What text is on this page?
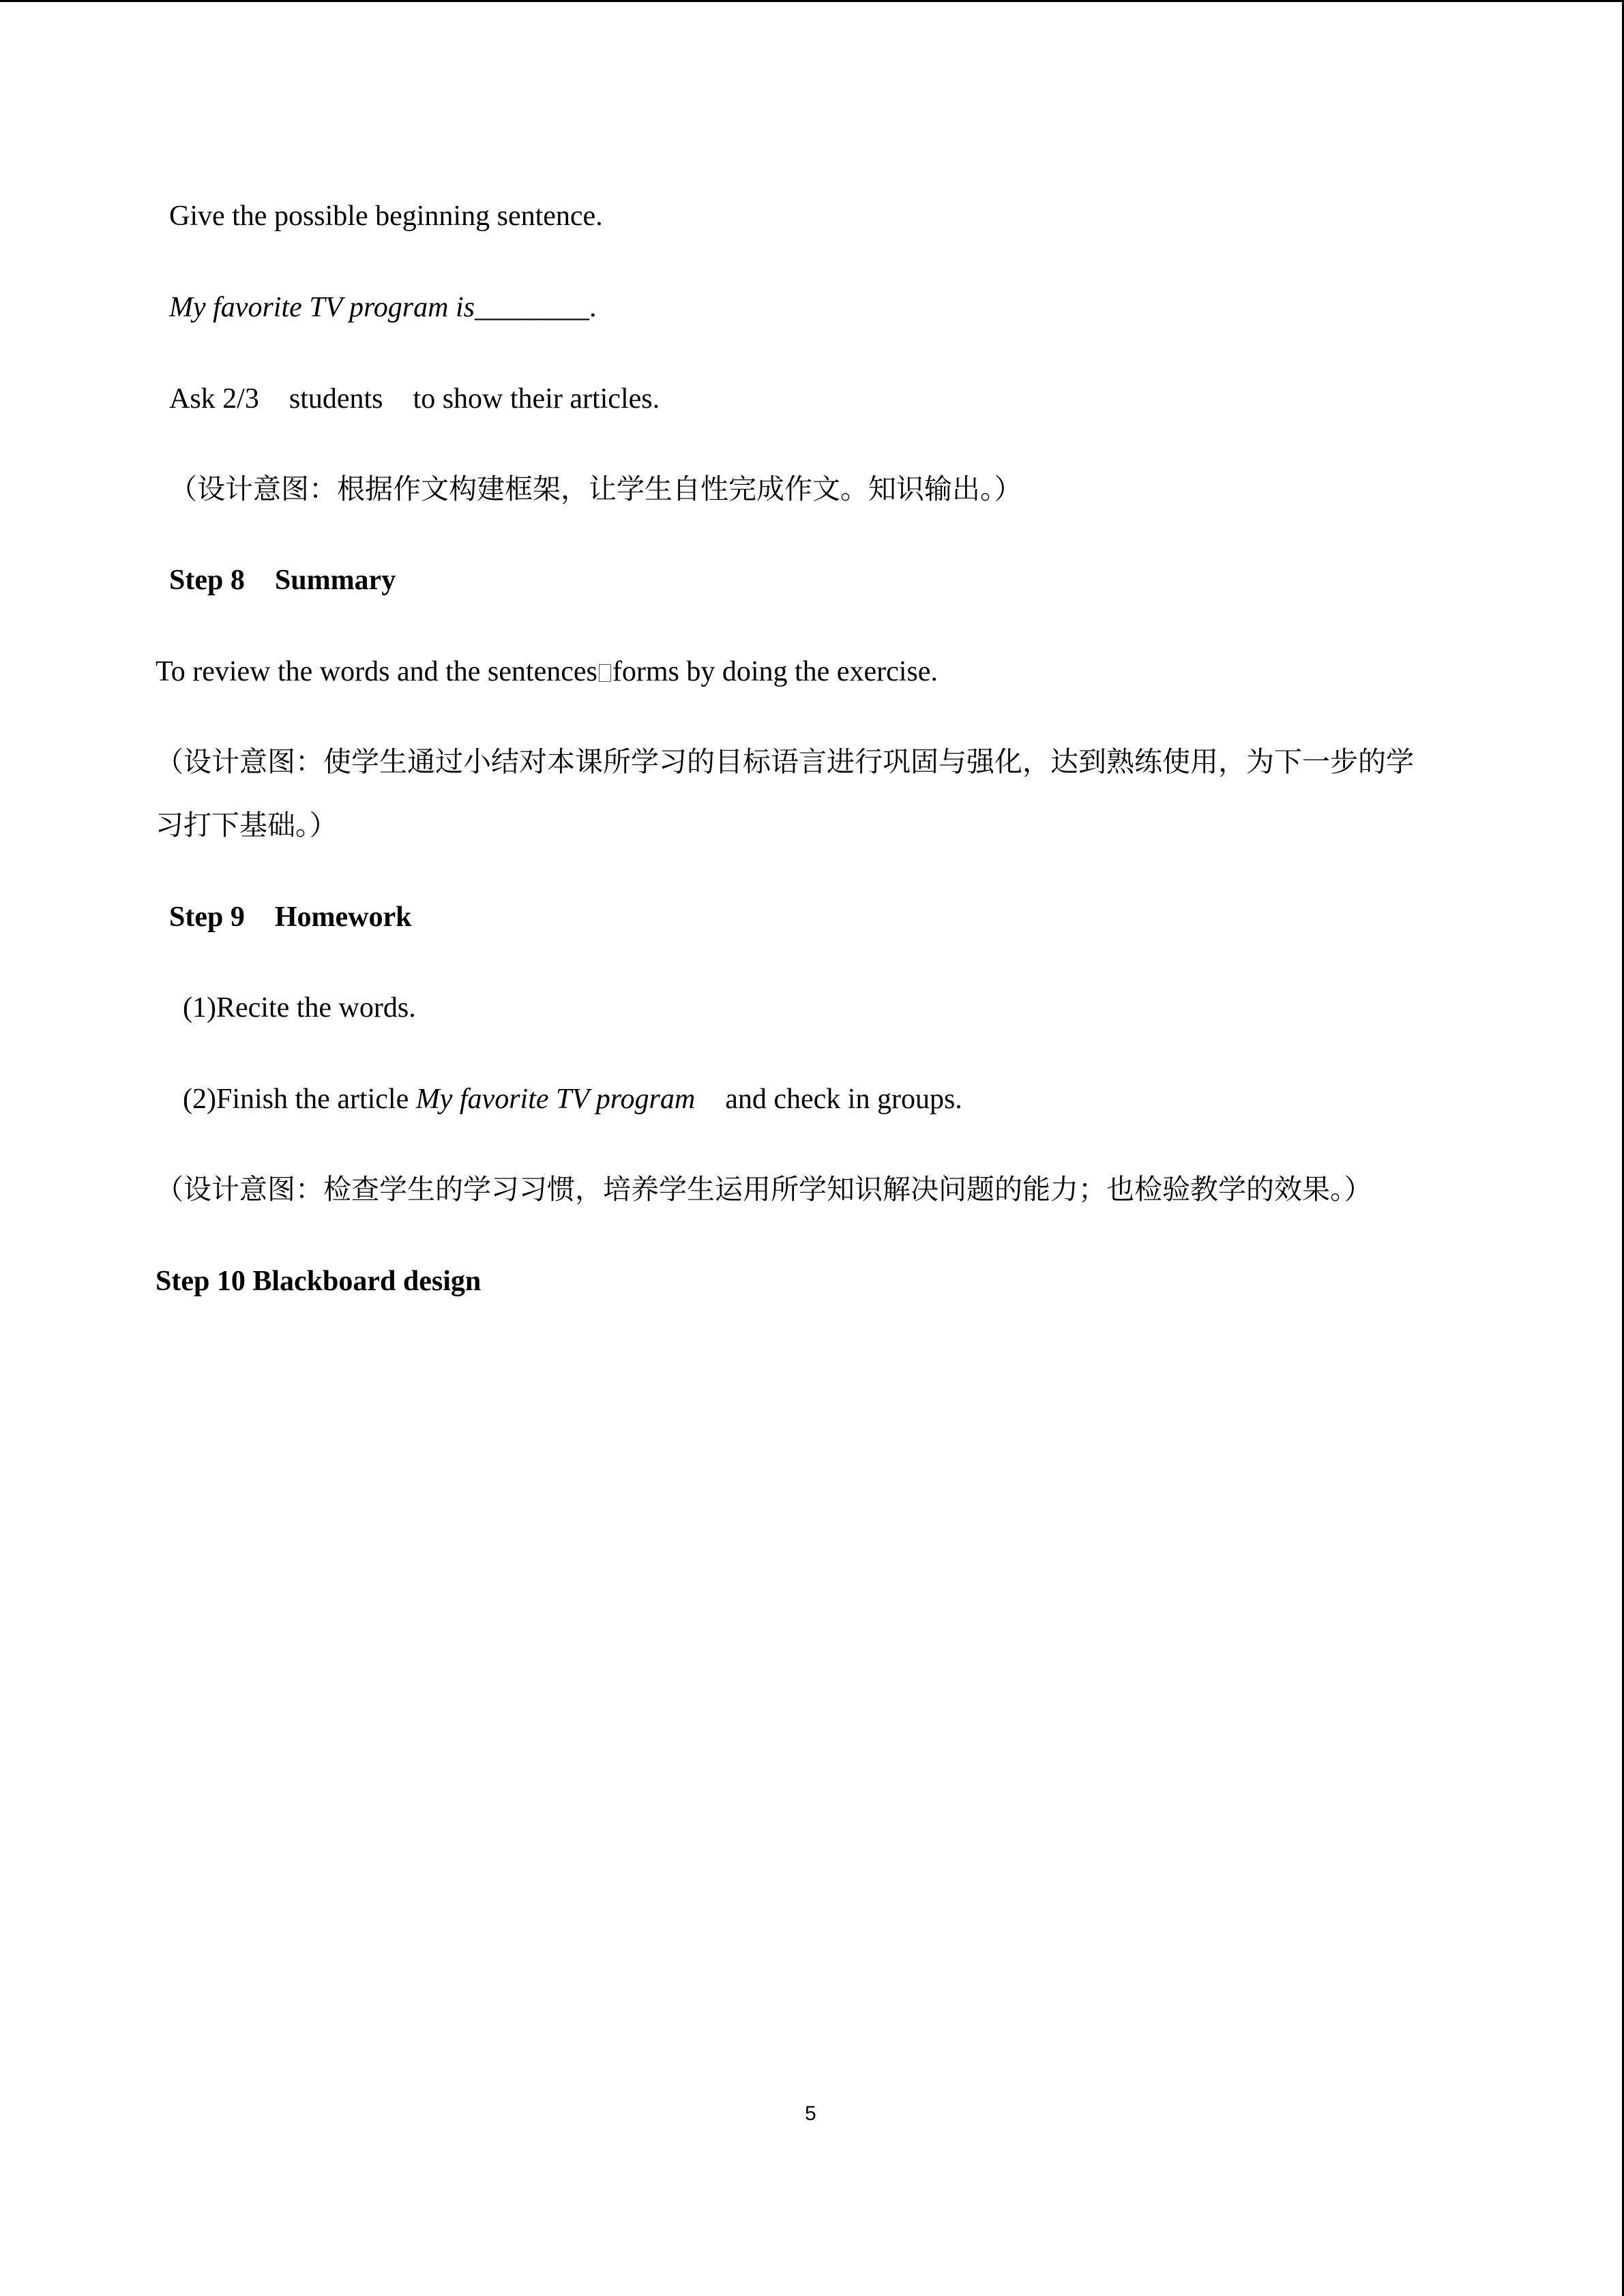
Give the possible beginning sentence.
My favorite TV program is________.
Ask 2/3 students to show their articles.
（设计意图：根据作文构建框架，让学生自性完成作文。知识输出。）
Step 8 Summary
To review the words and the sentences forms by doing the exercise.
（设计意图：使学生通过小结对本课所学习的目标语言进行巩固与强化，达到熟练使用，为下一步的学
习打下基础。）
Step 9 Homework
(1)Recite the words.
(2)Finish the article My favorite TV program and check in groups.
（设计意图：检查学生的学习习惯，培养学生运用所学知识解决问题的能力；也检验教学的效果。）
Step 10 Blackboard design
5
